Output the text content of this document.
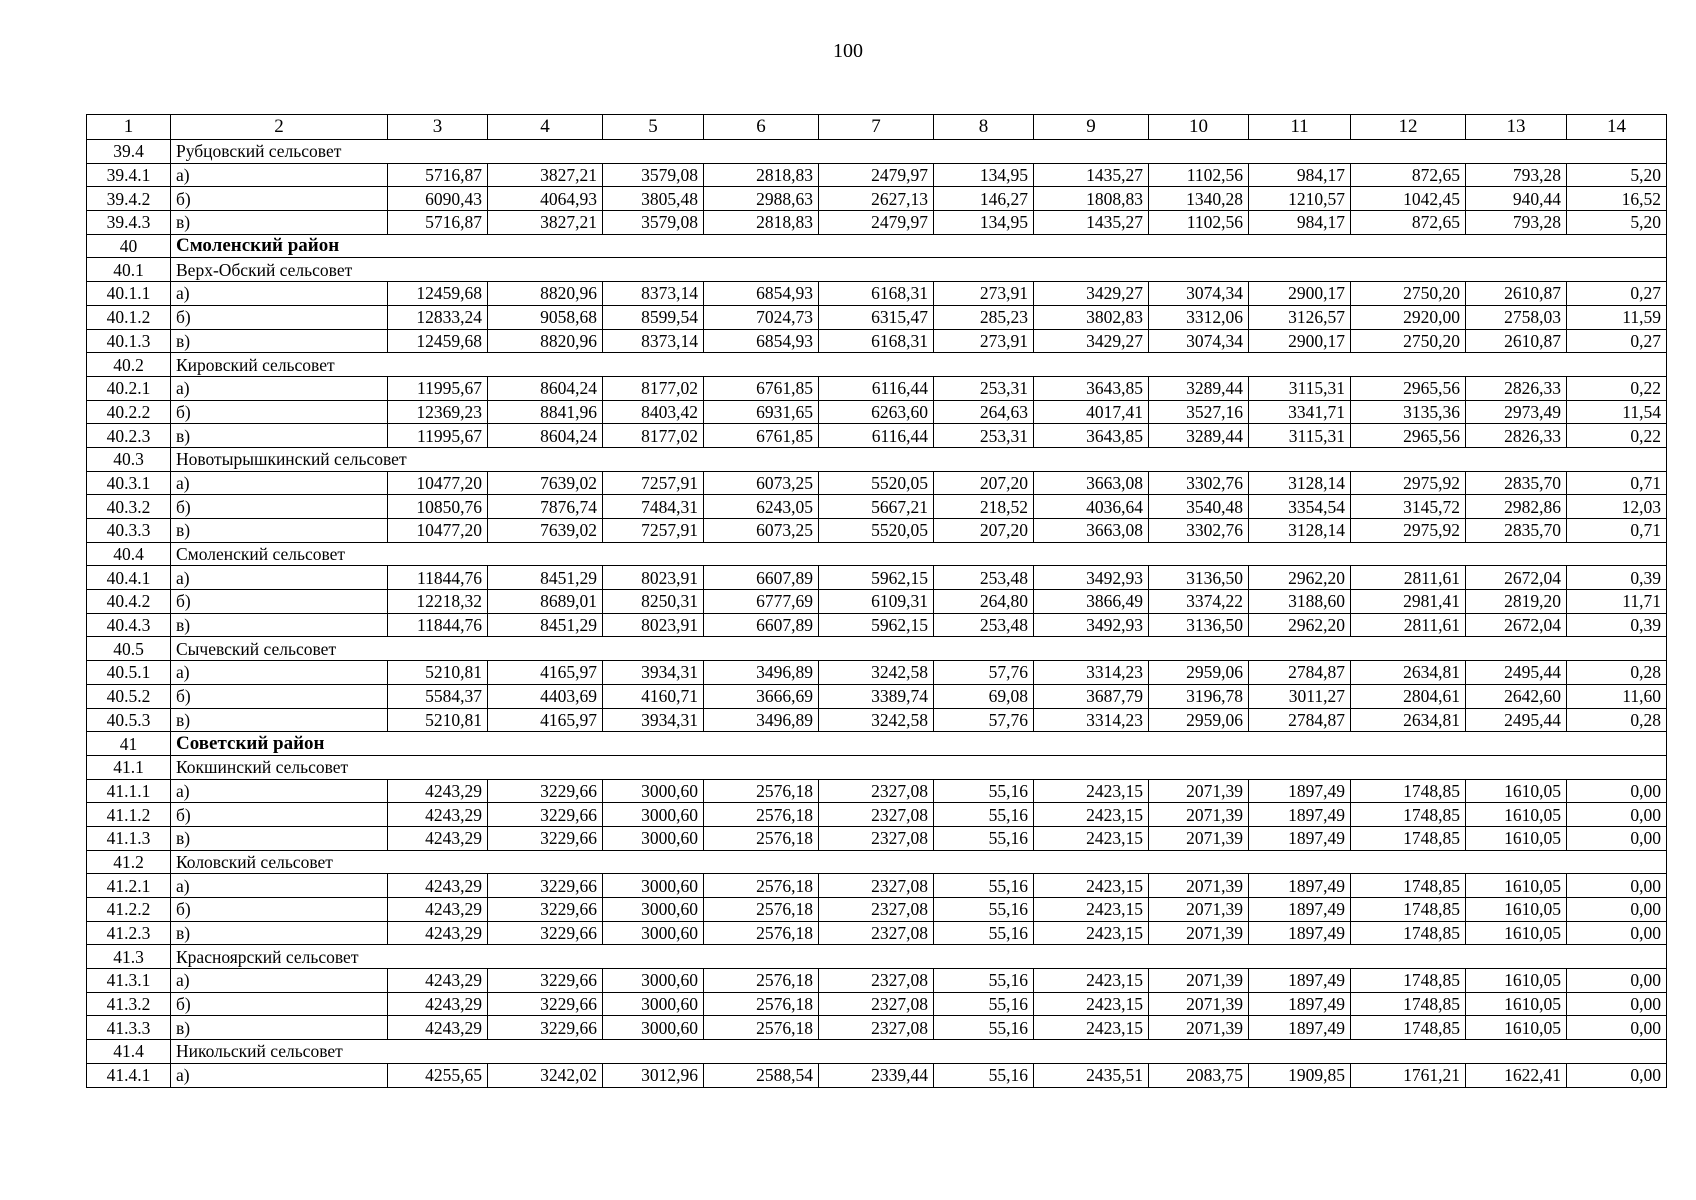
100
1	2	3	4	5	6	7	8	9	10	11	12	13	14
39.4	Рубцовский сельсовет												
39.4.1	а)	5716,87	3827,21	3579,08	2818,83	2479,97	134,95	1435,27	1102,56	984,17	872,65	793,28	5,20
39.4.2	б)	6090,43	4064,93	3805,48	2988,63	2627,13	146,27	1808,83	1340,28	1210,57	1042,45	940,44	16,52
39.4.3	в)	5716,87	3827,21	3579,08	2818,83	2479,97	134,95	1435,27	1102,56	984,17	872,65	793,28	5,20
40	Смоленский район												
40.1	Верх-Обский сельсовет												
40.1.1	а)	12459,68	8820,96	8373,14	6854,93	6168,31	273,91	3429,27	3074,34	2900,17	2750,20	2610,87	0,27
40.1.2	б)	12833,24	9058,68	8599,54	7024,73	6315,47	285,23	3802,83	3312,06	3126,57	2920,00	2758,03	11,59
40.1.3	в)	12459,68	8820,96	8373,14	6854,93	6168,31	273,91	3429,27	3074,34	2900,17	2750,20	2610,87	0,27
40.2	Кировский сельсовет												
40.2.1	а)	11995,67	8604,24	8177,02	6761,85	6116,44	253,31	3643,85	3289,44	3115,31	2965,56	2826,33	0,22
40.2.2	б)	12369,23	8841,96	8403,42	6931,65	6263,60	264,63	4017,41	3527,16	3341,71	3135,36	2973,49	11,54
40.2.3	в)	11995,67	8604,24	8177,02	6761,85	6116,44	253,31	3643,85	3289,44	3115,31	2965,56	2826,33	0,22
40.3	Новотырышкинский сельсовет												
40.3.1	а)	10477,20	7639,02	7257,91	6073,25	5520,05	207,20	3663,08	3302,76	3128,14	2975,92	2835,70	0,71
40.3.2	б)	10850,76	7876,74	7484,31	6243,05	5667,21	218,52	4036,64	3540,48	3354,54	3145,72	2982,86	12,03
40.3.3	в)	10477,20	7639,02	7257,91	6073,25	5520,05	207,20	3663,08	3302,76	3128,14	2975,92	2835,70	0,71
40.4	Смоленский сельсовет												
40.4.1	а)	11844,76	8451,29	8023,91	6607,89	5962,15	253,48	3492,93	3136,50	2962,20	2811,61	2672,04	0,39
40.4.2	б)	12218,32	8689,01	8250,31	6777,69	6109,31	264,80	3866,49	3374,22	3188,60	2981,41	2819,20	11,71
40.4.3	в)	11844,76	8451,29	8023,91	6607,89	5962,15	253,48	3492,93	3136,50	2962,20	2811,61	2672,04	0,39
40.5	Сычевский сельсовет												
40.5.1	а)	5210,81	4165,97	3934,31	3496,89	3242,58	57,76	3314,23	2959,06	2784,87	2634,81	2495,44	0,28
40.5.2	б)	5584,37	4403,69	4160,71	3666,69	3389,74	69,08	3687,79	3196,78	3011,27	2804,61	2642,60	11,60
40.5.3	в)	5210,81	4165,97	3934,31	3496,89	3242,58	57,76	3314,23	2959,06	2784,87	2634,81	2495,44	0,28
41	Советский район												
41.1	Кокшинский сельсовет												
41.1.1	а)	4243,29	3229,66	3000,60	2576,18	2327,08	55,16	2423,15	2071,39	1897,49	1748,85	1610,05	0,00
41.1.2	б)	4243,29	3229,66	3000,60	2576,18	2327,08	55,16	2423,15	2071,39	1897,49	1748,85	1610,05	0,00
41.1.3	в)	4243,29	3229,66	3000,60	2576,18	2327,08	55,16	2423,15	2071,39	1897,49	1748,85	1610,05	0,00
41.2	Коловский сельсовет												
41.2.1	а)	4243,29	3229,66	3000,60	2576,18	2327,08	55,16	2423,15	2071,39	1897,49	1748,85	1610,05	0,00
41.2.2	б)	4243,29	3229,66	3000,60	2576,18	2327,08	55,16	2423,15	2071,39	1897,49	1748,85	1610,05	0,00
41.2.3	в)	4243,29	3229,66	3000,60	2576,18	2327,08	55,16	2423,15	2071,39	1897,49	1748,85	1610,05	0,00
41.3	Красноярский сельсовет												
41.3.1	а)	4243,29	3229,66	3000,60	2576,18	2327,08	55,16	2423,15	2071,39	1897,49	1748,85	1610,05	0,00
41.3.2	б)	4243,29	3229,66	3000,60	2576,18	2327,08	55,16	2423,15	2071,39	1897,49	1748,85	1610,05	0,00
41.3.3	в)	4243,29	3229,66	3000,60	2576,18	2327,08	55,16	2423,15	2071,39	1897,49	1748,85	1610,05	0,00
41.4	Никольский сельсовет												
41.4.1	а)	4255,65	3242,02	3012,96	2588,54	2339,44	55,16	2435,51	2083,75	1909,85	1761,21	1622,41	0,00
